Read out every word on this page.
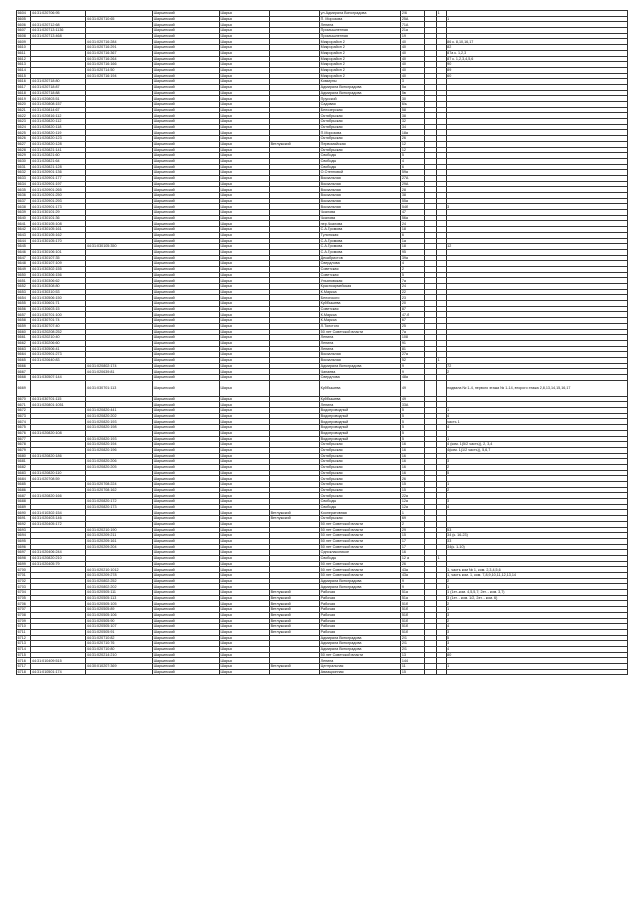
6604	44:31:020706:95		Шарьинский	Шарья		ул.Адмирала Виноградова	2/6		1	
6605		44:31:020710:65	Шарьинский	Шарья		П. Морозова	25А			1
6606	44:31:020712:68		Шарьинский	Шарья		Ленина	71А			
6607	44:31:020713:1136		Шарьинский	Шарья		Промышленная	21а			
6608	44:31:020713:468		Шарьинский	Шарья		Промышленная	19			
6609		44:31:020716:284	Шарьинский	Шарья		Микрорайон 2	40			86 к. 8,10,16,17
6610		44:31:020716:291	Шарьинский	Шарья		Микрорайон 2	40			82
6611		44:31:020716:367	Шарьинский	Шарья		Микрорайон 2	40			87а к. 1,2,3
6612		44:31:020716:264	Шарьинский	Шарья		Микрорайон 2	40			87 к. 1,2,3,4,5,6
6613		44:31:020716:166	Шарьинский	Шарья		Микрорайон 2	40			90
6614		44:31:020714:50	Шарьинский	Шарья		Микрорайон 2	40			89
6615		44:31:020716:194	Шарьинский	Шарья		Микрорайон 2	40			60
6616	44:31:020718:80		Шарьинский	Шарья		Коммуны	3			
6617	44:31:020718:87		Шарьинский	Шарья		Адмирала Виноградова	5а			
6618	44:31:020718:88		Шарьинский	Шарья		Адмирала Виноградова	5в			
6619	44:31:020803:51		Шарьинский	Шарья		Прусской	30			
6620	44:31:020808:157		Шарьинский	Шарья		Садовая	6/ь			
6621	44:31:020814:67		Шарьинский	Шарья		Белозерская	58			
6622	44:31:020816:112		Шарьинский	Шарья		Октябрьская	38			
6623	44:31:020820:112		Шарьинский	Шарья		Октябрьская	32			
6624	44:31:020820:118		Шарьинский	Шарья		Октябрьская	34			
6625	44:31:020820:119		Шарьинский	Шарья		П.Морозова	18а			
6626	44:31:020820:123		Шарьинский	Шарья		Октябрьская	26			
6627	44:31:020820:128		Шарьинский	Шарья	Ветлужский	Первомайская	12			
6628	44:31:020821:141		Шарьинский	Шарья		Октябрьская	12			
6629	44:31:020821:60		Шарьинский	Шарья		Свободы	5			
6630	44:31:020821:64		Шарьинский	Шарья		Свободы	4			
6631	44:31:020821:128		Шарьинский	Шарья		Свободы	6			
6632	44:31:020901:136		Шарьинский	Шарья		О.Степновой	59а			
6633	44:31:020901:177		Шарьинский	Шарья		Вокзальная	27А			
6634	44:31:020901:197		Шарьинский	Шарья		Вокзальная	29А			
6635	44:31:020901:265		Шарьинский	Шарья		Вокзальная	28			
6636	44:31:020901:250		Шарьинский	Шарья		Вокзальная	38			
6637	44:31:020901:293		Шарьинский	Шарья		Вокзальная	55а			
6638	44:31:020901:173		Шарьинский	Шарья		Вокзальная	54б			3
6639	44:31:030101:29		Шарьинский	Шарья		Чкалова	47			
6640	44:31:030101:36		Шарьинский	Шарья		Чкалова	56а			
6641	44:31:030105:108		Шарьинский	Шарья		пер.Чкалова	24			
6642	44:31:030105:161		Шарьинский	Шарья		С.А.Громова	18			
6643	44:31:030105:162		Шарьинский	Шарья		Тулинская	6			
6644	44:31:030105:170		Шарьинский	Шарья		С.А.Громова	1а			
6645		44:31:030105:350	Шарьинский	Шарья		С.А.Громова	18			12
6646	44:31:030106:101		Шарьинский	Шарья		С.А.Громова	95			
6647	44:31:030107:35		Шарьинский	Шарья		Декабристов	39а			
6648	44:31:030107:109		Шарьинский	Шарья		Свердлова	4			
6649	44:31:030302:155		Шарьинский	Шарья		Советская	2			
6650	44:31:030306:156		Шарьинский	Шарья		Советская	5			
6651	44:31:030306:62		Шарьинский	Шарья		Ульяновская	7а			
6652	44:31:030308:80		Шарьинский	Шарья		Красноармейская	24			
6653	44:31:030310:53		Шарьинский	Шарья		К.Маркса	22			
6654	44:31:030506:150		Шарьинский	Шарья		Белогского	23			
6655	44:31:030601:71		Шарьинский	Шарья		Куйбышева	20			
6656	44:31:030603:15		Шарьинский	Шарья		Советская	87			
6657	44:31:030701:100		Шарьинский	Шарья		К.Маркса	47-б			
6658	44:31:030701:74		Шарьинский	Шарья		К.Маркса	67			
6659	44:31:030707:40		Шарьинский	Шарья		Л.Толстого	25			
6660	44:31:020208:252		Шарьинский	Шарья		50 лет Советской власти	7а			
6661	44:31:020210:40		Шарьинский	Шарья		Ленина	108			
6662	44:31:030206:60		Шарьинский	Шарья		Ленина	91			
6663	44:31:030506:41		Шарьинский	Шарья		Ленина	81			
6664	44:31:020901:273		Шарьинский	Шарья		Вокзальная	27а			
6665	44:31:020640:83		Шарьинский	Шарья		Вокзальная	52		1	
6666		44:31:020802:174	Шарьинский	Шарья		Адмирала Виноградова	9			72
6667		44:31:020639:81	Шарьинский	Шарья		Чапаева	9			2
6668	44:31:030507:144		Шарьинский	Шарья		Свердлова	48а			
6669		44:31:030701:113	Шарьинский	Шарья		Куйбышева	49			подвала № 1-4, первого этажа № 1-14, второго этажа 2,8,13,14,15,16,17
6670	44:31:030701:115		Шарьинский	Шарья		Куйбышева	49			
6671	44:31:020801:1051		Шарьинский	Шарья		Ленина	33А			
6672		44:31:020820:441	Шарьинский	Шарья		Водопроводный	5			1
6673		44:31:020820:202	Шарьинский	Шарья		Водопроводный	5			4
6674		44:31:020820:193	Шарьинский	Шарья		Водопроводный	5			часть 1
6675		44:31:020820:198	Шарьинский	Шарья		Водопроводный	5			4
6676	44:31:020820:108		Шарьинский	Шарья		Водопроводный	5			
6677		44:31:020820:193	Шарьинский	Шарья		Водопроводный	5			1
6678		44:31:020820:194	Шарьинский	Шарья		Октябрьская	16			4 (ком. 1(5/2 часть)), 2, 3,4
6679		44:31:020820:196	Шарьинский	Шарья		Октябрьская	16			4(ком. 1(1/2 часть)), 5,6,7
6680	44:31:020820:186		Шарьинский	Шарья		Октябрьская	16			
6681		44:31:020820:206	Шарьинский	Шарья		Октябрьская	16			3
6682		44:31:020820:205	Шарьинский	Шарья		Октябрьская	16			2
6683	44:31:020820:110		Шарьинский	Шарья		Октябрьская	16			5
6684	44:31:020708:59		Шарьинский	Шарья		Октябрьская	26			
6685		44:31:020708:224	Шарьинский	Шарья		Октябрьская	15			1
6686		44:31:020708:162	Шарьинский	Шарья		Октябрьская	15			2
6687	44:31:020820:166		Шарьинский	Шарья		Октябрьская	22а			
6688		44:31:020820:172	Шарьинский	Шарья		Свободы	12а			3
6689		44:31:020820:173	Шарьинский	Шарья		Свободы	12а			4
6690	44:31:010302:154		Шарьинский	Шарья	Ветлужский	Кооперативная	1			
6691	44:31:020403:146		Шарьинский	Шарья	Ветлужский	Октябрьская	69			
6692	44:31:020405:172		Шарьинский	Шарья		50 лет Советской власти	2			
6693		44:31:020210:190	Шарьинский	Шарья		50 лет Советской власти	29			53
6694		44:31:020209:211	Шарьинский	Шарья		50 лет Советской власти	15			34 (к. 16-23)
6695		44:31:020209:161	Шарьинский	Шарья		50 лет Советской власти	17			33
6696		44:31:020209:204	Шарьинский	Шарья		50 лет Советской власти	17			34(к. 1-10)
6697	44:31:020406:244		Шарьинский	Шарья		Одноклассникое	16			
6698	44:31:020820:210		Шарьинский	Шарья		Свободы	12 а		1	
6699	44:31:020405:79		Шарьинский	Шарья		50 лет Советской власти	26			
6700		44:31:020210:1012	Шарьинский	Шарья		50 лет Советской власти	43а			1, часть ком № 1, ком. 2,3,4,5,6
6701		44:31:020209:278	Шарьинский	Шарья		50 лет Советской власти	43а			1, часть ком. 1, ком. 7,8,9,10,11,12,13,14
6702		44:31:020802:252	Шарьинский	Шарья		Адмирала Виноградова	9			2
6703		44:31:020802:202	Шарьинский	Шарья		Адмирала Виноградова	9			1
6704		44:31:020505:111	Шарьинский	Шарья	Ветлужский	Рабочая	51а			1 (1эт.-ком. 4,5,5,7; 2эт. - ком. 3,7)
6705		44:31:020505:113	Шарьинский	Шарья	Ветлужский	Рабочая	51а			3 (1эт. - ком. 1/2, 2эт. - ком. 6)
6706		44:31:020505:105	Шарьинский	Шарья	Ветлужский	Рабочая	51б			2
6707		44:31:020505:89	Шарьинский	Шарья	Ветлужский	Рабочая	51б			1
6708		44:31:020505:106	Шарьинский	Шарья	Ветлужский	Рабочая	51б			3
6709		44:31:020505:90	Шарьинский	Шарья	Ветлужский	Рабочая	51б			2
6710		44:31:020505:107	Шарьинский	Шарья	Ветлужский	Рабочая	51б			4
6711		44:31:020505:91	Шарьинский	Шарья	Ветлужский	Рабочая	51б			3
6712		44:31:020710:82	Шарьинский	Шарья		Адмирала Виноградова	2/1			5
6713		44:31:020710:76	Шарьинский	Шарья		Адмирала Виноградова	2/1			3
6714		44:31:020710:80	Шарьинский	Шарья		Адмирала Виноградова	2/1			4
6715		44:31:020214:210	Шарьинский	Шарья		50 лет Советской власти	13			80
6716	44:31:010409:515		Шарьинский	Шарья		Ленина	144			
6717		44:30:010207:369	Шарьинский	Шарья	Ветлужский	Центральная	11			1
6718	44:31:010501:174		Шарьинский	Шарья		Авиационная	15			
